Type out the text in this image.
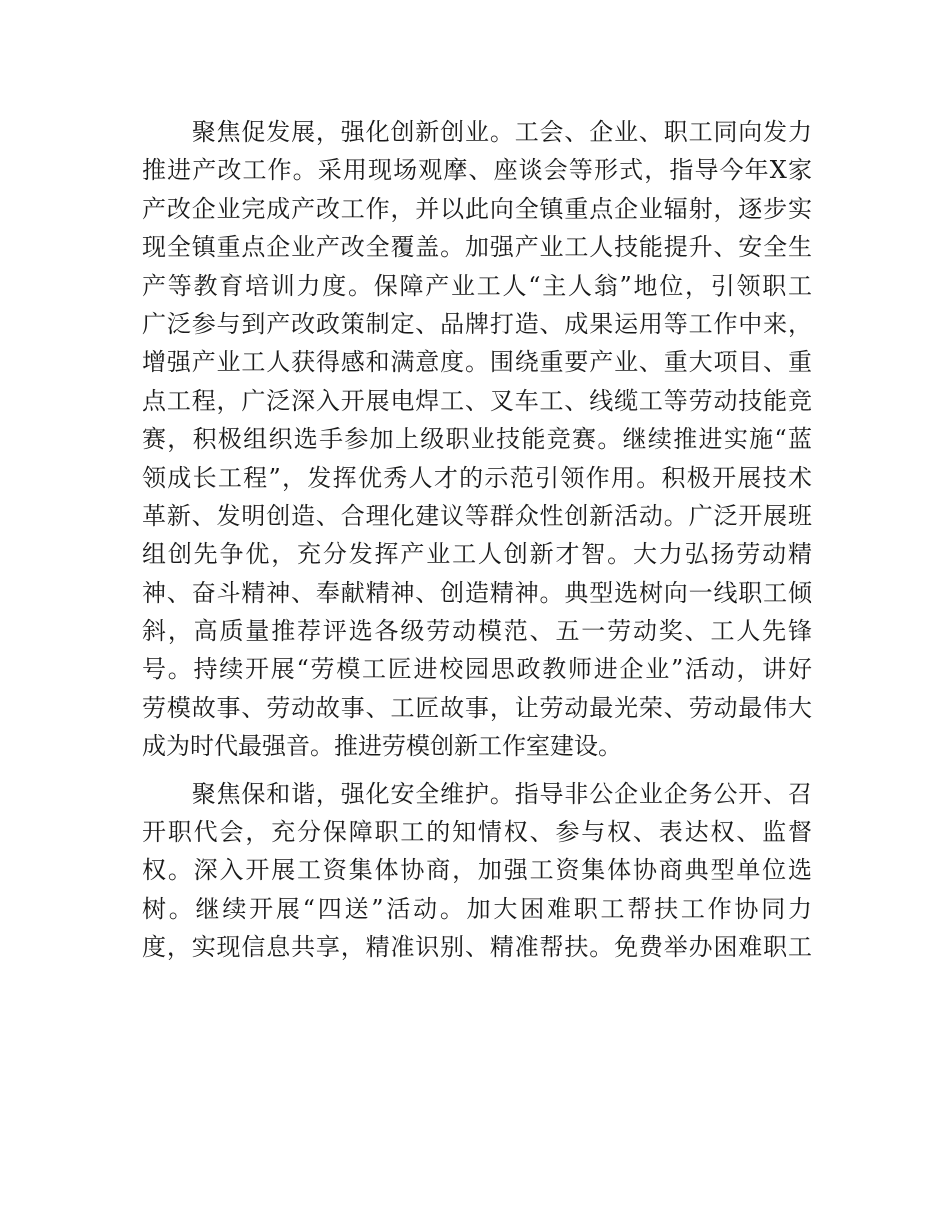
　　聚焦促发展，强化创新创业。工会、企业、职工同向发力
推进产改工作。采用现场观摩、座谈会等形式，指导今年X家
产改企业完成产改工作，并以此向全镇重点企业辐射，逐步实
现全镇重点企业产改全覆盖。加强产业工人技能提升、安全生
产等教育培训力度。保障产业工人“主人翁”地位，引领职工
广泛参与到产改政策制定、品牌打造、成果运用等工作中来，
增强产业工人获得感和满意度。围绕重要产业、重大项目、重
点工程，广泛深入开展电焊工、叉车工、线缆工等劳动技能竞
赛，积极组织选手参加上级职业技能竞赛。继续推进实施“蓝
领成长工程”，发挥优秀人才的示范引领作用。积极开展技术
革新、发明创造、合理化建议等群众性创新活动。广泛开展班
组创先争优，充分发挥产业工人创新才智。大力弘扬劳动精
神、奋斗精神、奉献精神、创造精神。典型选树向一线职工倾
斜，高质量推荐评选各级劳动模范、五一劳动奖、工人先锋
号。持续开展“劳模工匠进校园思政教师进企业”活动，讲好
劳模故事、劳动故事、工匠故事，让劳动最光荣、劳动最伟大
成为时代最强音。推进劳模创新工作室建设。

　　聚焦保和谐，强化安全维护。指导非公企业企务公开、召
开职代会，充分保障职工的知情权、参与权、表达权、监督
权。深入开展工资集体协商，加强工资集体协商典型单位选
树。继续开展“四送”活动。加大困难职工帮扶工作协同力
度，实现信息共享，精准识别、精准帮扶。免费举办困难职工
